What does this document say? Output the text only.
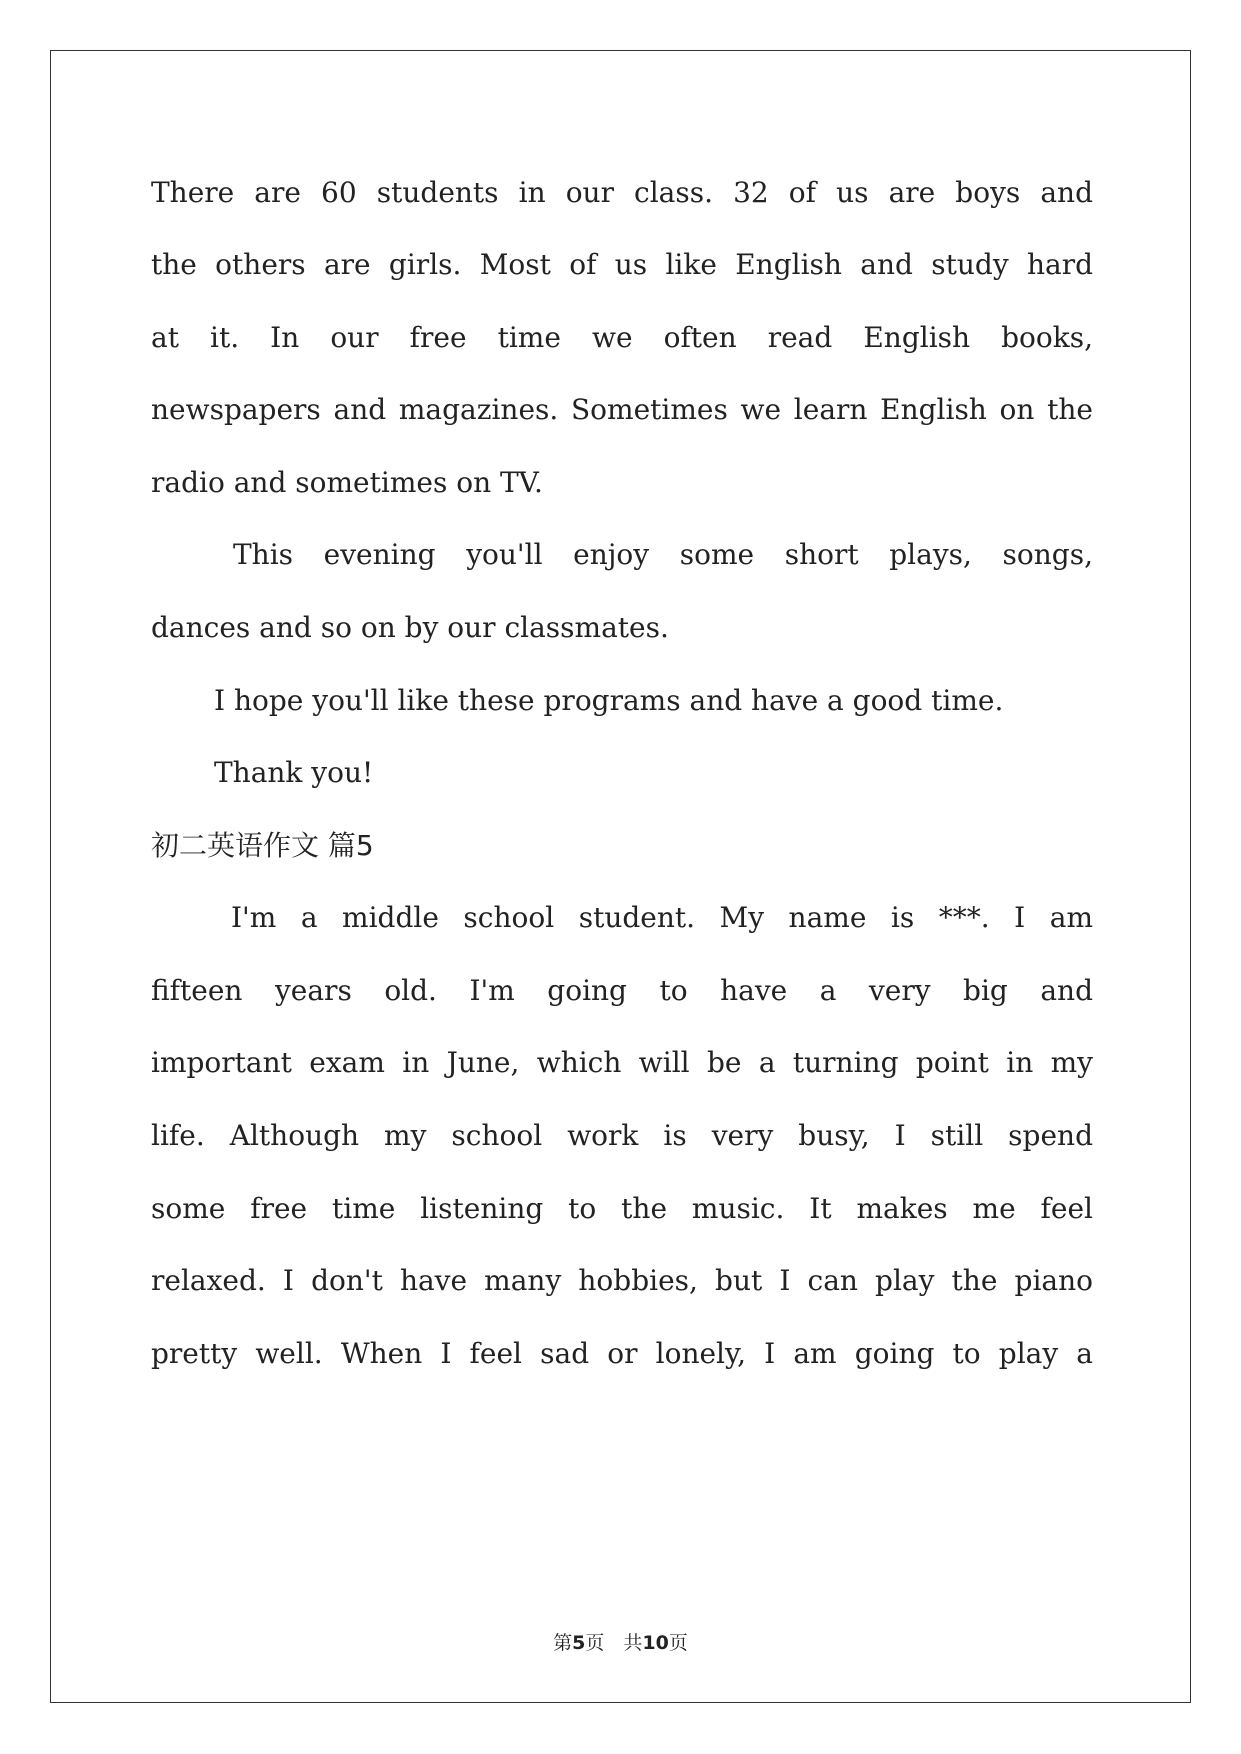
There are 60 students in our class. 32 of us are boys and
the others are girls. Most of us like English and study hard
at it. In our free time we often read English books,
newspapers and magazines. Sometimes we learn English on the
radio and sometimes on TV.
This evening you'll enjoy some short plays, songs,
dances and so on by our classmates.
I hope you'll like these programs and have a good time.
Thank you!
初二英语作文 篇5
I'm a middle school student. My name is ***. I am
fifteen years old. I'm going to have a very big and
important exam in June, which will be a turning point in my
life. Although my school work is very busy, I still spend
some free time listening to the music. It makes me feel
relaxed. I don't have many hobbies, but I can play the piano
pretty well. When I feel sad or lonely, I am going to play a
第5页　共10页
